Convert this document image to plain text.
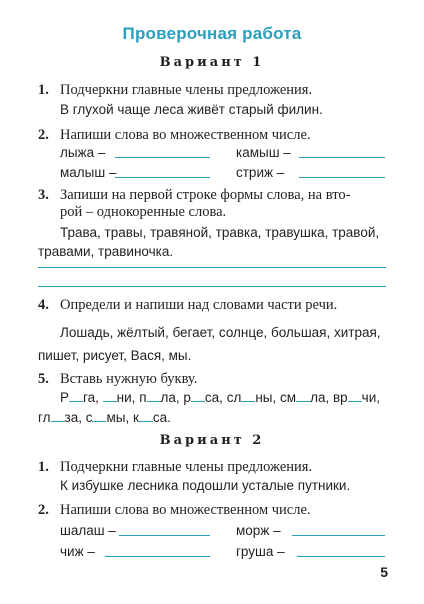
Проверочная работа
Вариант 1
1. Подчеркни главные члены предложения.
В глухой чаще леса живёт старый филин.
2. Напиши слова во множественном числе.
лыжа –	камыш –
малыш –	стриж –
3. Запиши на первой строке формы слова, на вто-
рой – однокоренные слова.
Трава, травы, травяной, травка, травушка, травой,
травами, травиночка.
4. Определи и напиши над словами части речи.
Лошадь, жёлтый, бегает, солнце, большая, хитрая,
пишет, рисует, Вася, мы.
5. Вставь нужную букву.
Р га, ни, п ла, р са, сл ны, см ла, вр чи,
гл за, с мы, к са.
Вариант 2
1. Подчеркни главные члены предложения.
К избушке лесника подошли усталые путники.
2. Напиши слова во множественном числе.
шалаш –	морж –
чиж –	груша –
5
